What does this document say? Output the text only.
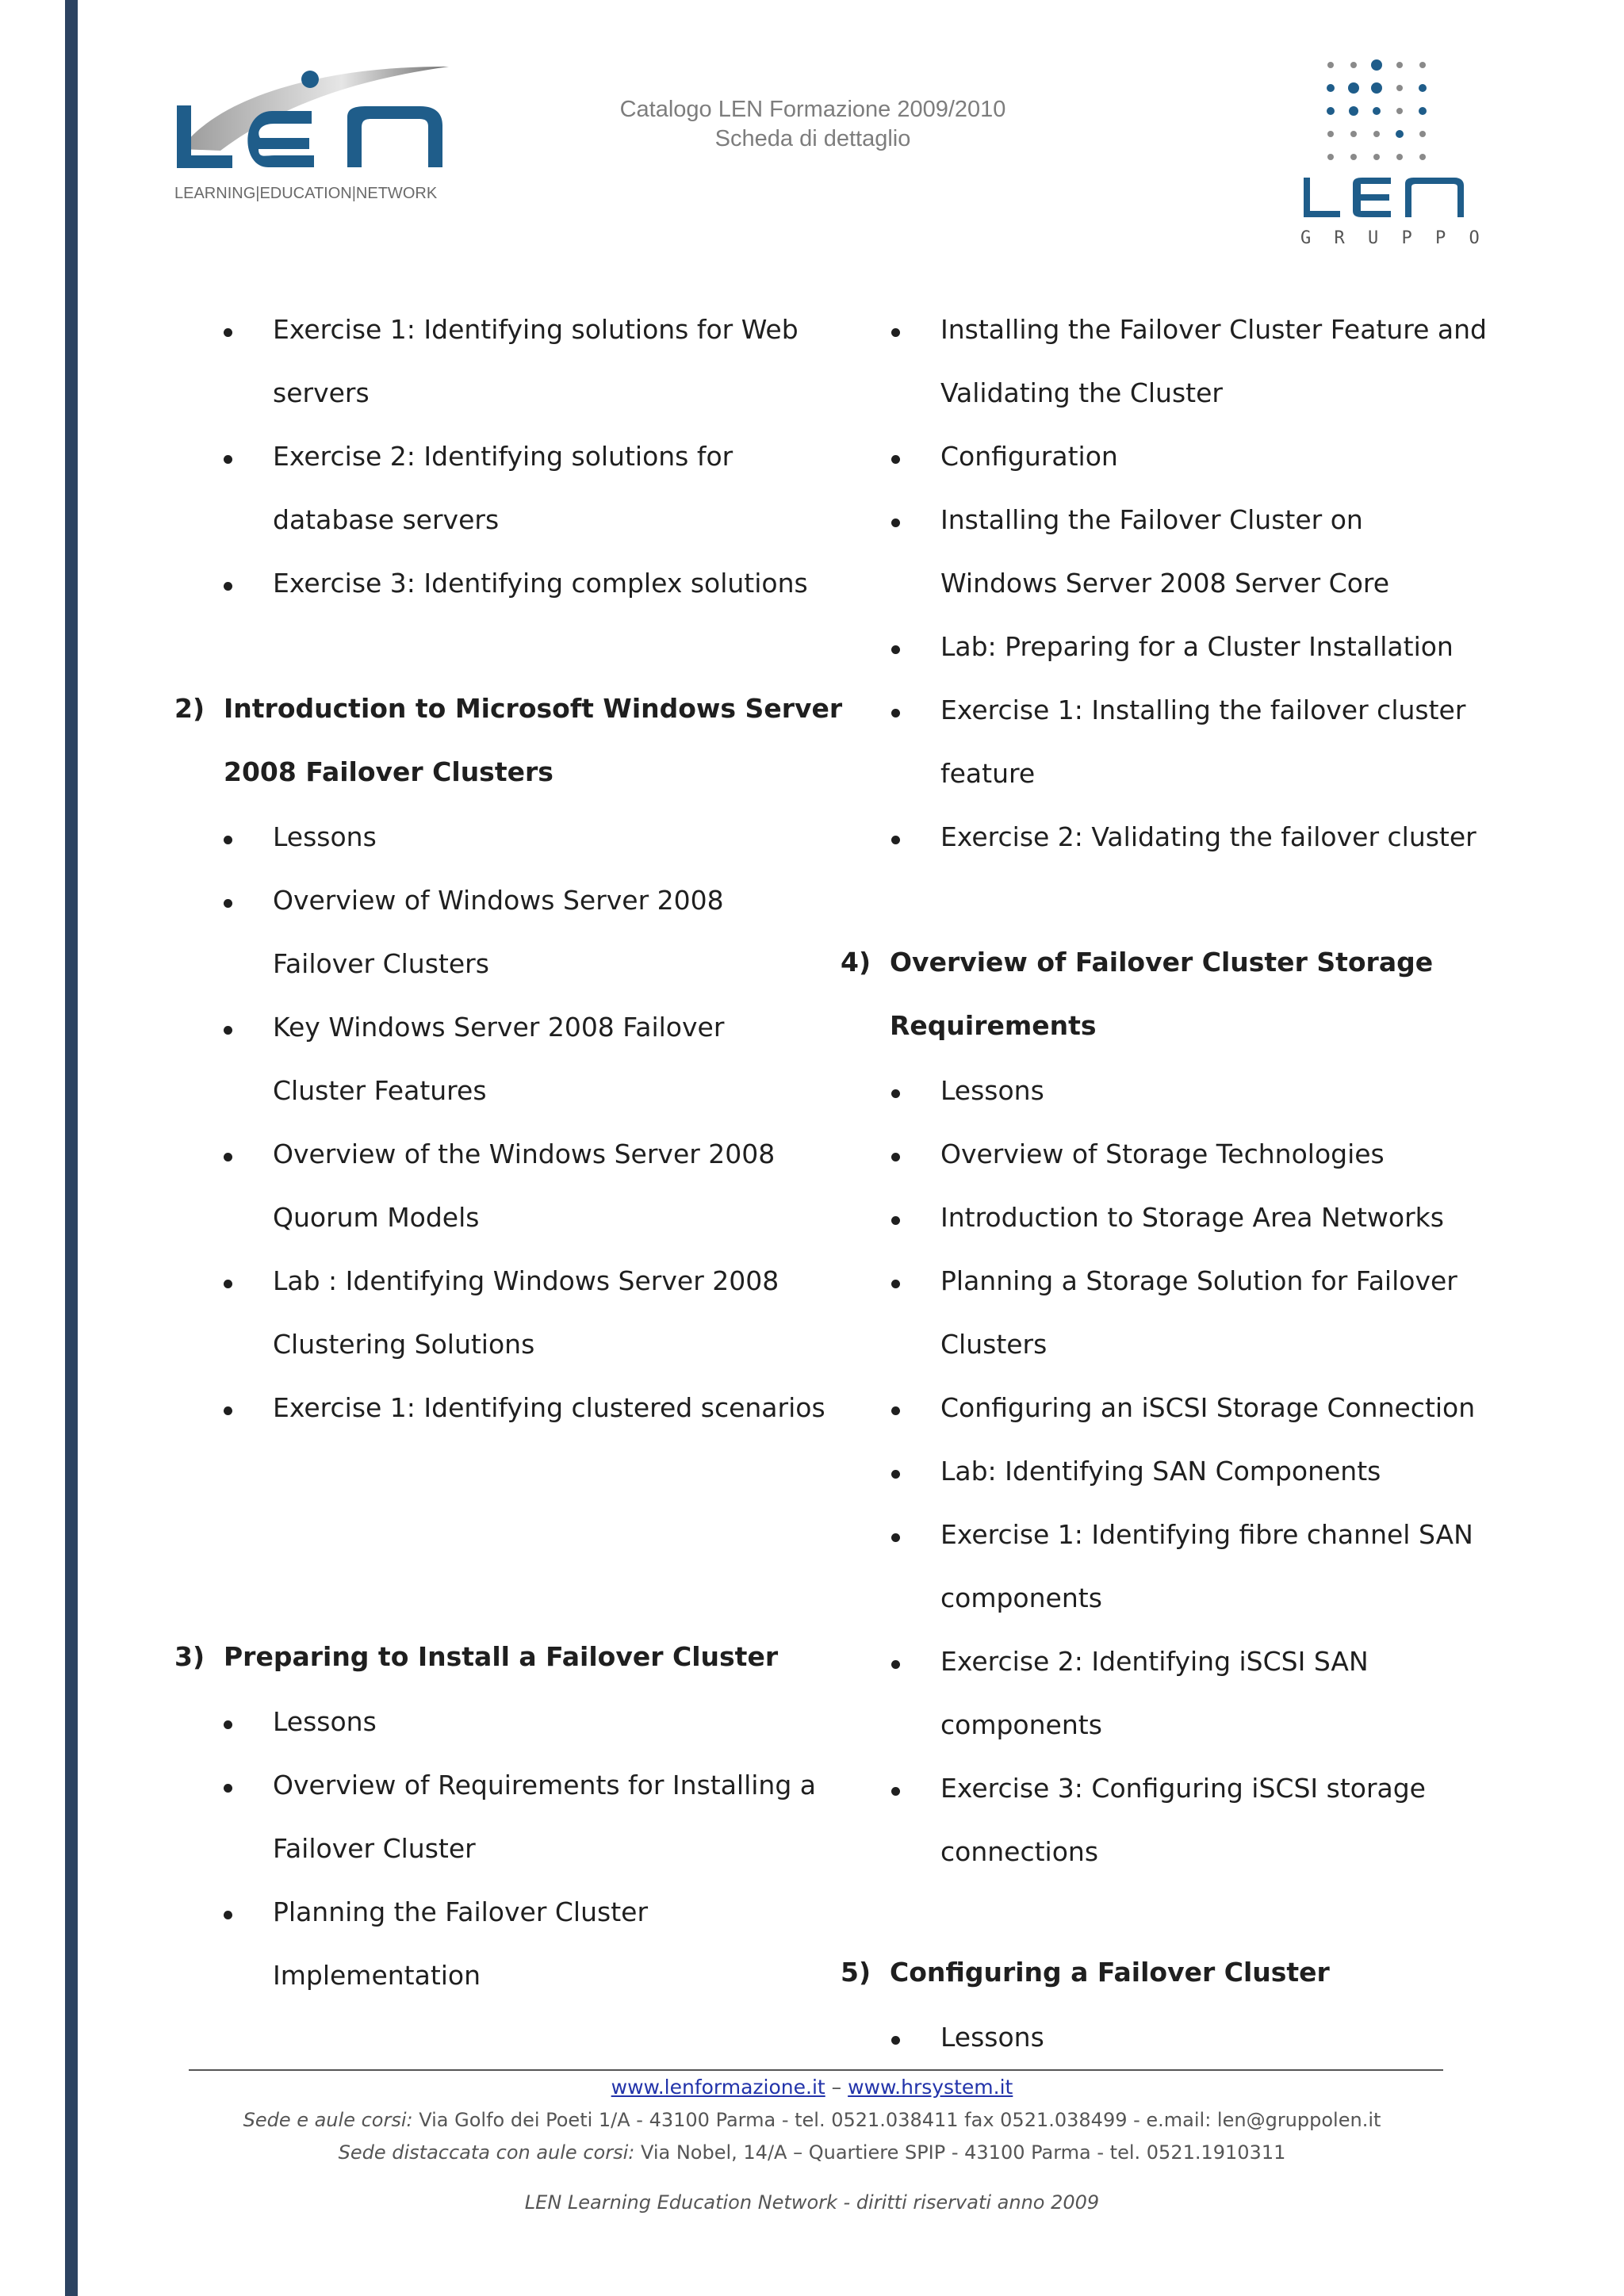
LEARNING|EDUCATION|NETWORK
Catalogo LEN Formazione 2009/2010
Scheda di dettaglio
G R U P P O
Exercise 1: Identifying solutions for Web
servers
Exercise 2: Identifying solutions for
database servers
Exercise 3: Identifying complex solutions
2) Introduction to Microsoft Windows Server
2008 Failover Clusters
Lessons
Overview of Windows Server 2008
Failover Clusters
Key Windows Server 2008 Failover
Cluster Features
Overview of the Windows Server 2008
Quorum Models
Lab : Identifying Windows Server 2008
Clustering Solutions
Exercise 1: Identifying clustered scenarios
3) Preparing to Install a Failover Cluster
Lessons
Overview of Requirements for Installing a
Failover Cluster
Planning the Failover Cluster
Implementation
Installing the Failover Cluster Feature and
Validating the Cluster
Configuration
Installing the Failover Cluster on
Windows Server 2008 Server Core
Lab: Preparing for a Cluster Installation
Exercise 1: Installing the failover cluster
feature
Exercise 2: Validating the failover cluster
4) Overview of Failover Cluster Storage
Requirements
Lessons
Overview of Storage Technologies
Introduction to Storage Area Networks
Planning a Storage Solution for Failover
Clusters
Configuring an iSCSI Storage Connection
Lab: Identifying SAN Components
Exercise 1: Identifying fibre channel SAN
components
Exercise 2: Identifying iSCSI SAN
components
Exercise 3: Configuring iSCSI storage
connections
5) Configuring a Failover Cluster
Lessons
www.lenformazione.it – www.hrsystem.it
Sede e aule corsi: Via Golfo dei Poeti 1/A - 43100 Parma - tel. 0521.038411 fax 0521.038499 - e.mail: len@gruppolen.it
Sede distaccata con aule corsi: Via Nobel, 14/A – Quartiere SPIP - 43100 Parma - tel. 0521.1910311
LEN Learning Education Network - diritti riservati anno 2009
